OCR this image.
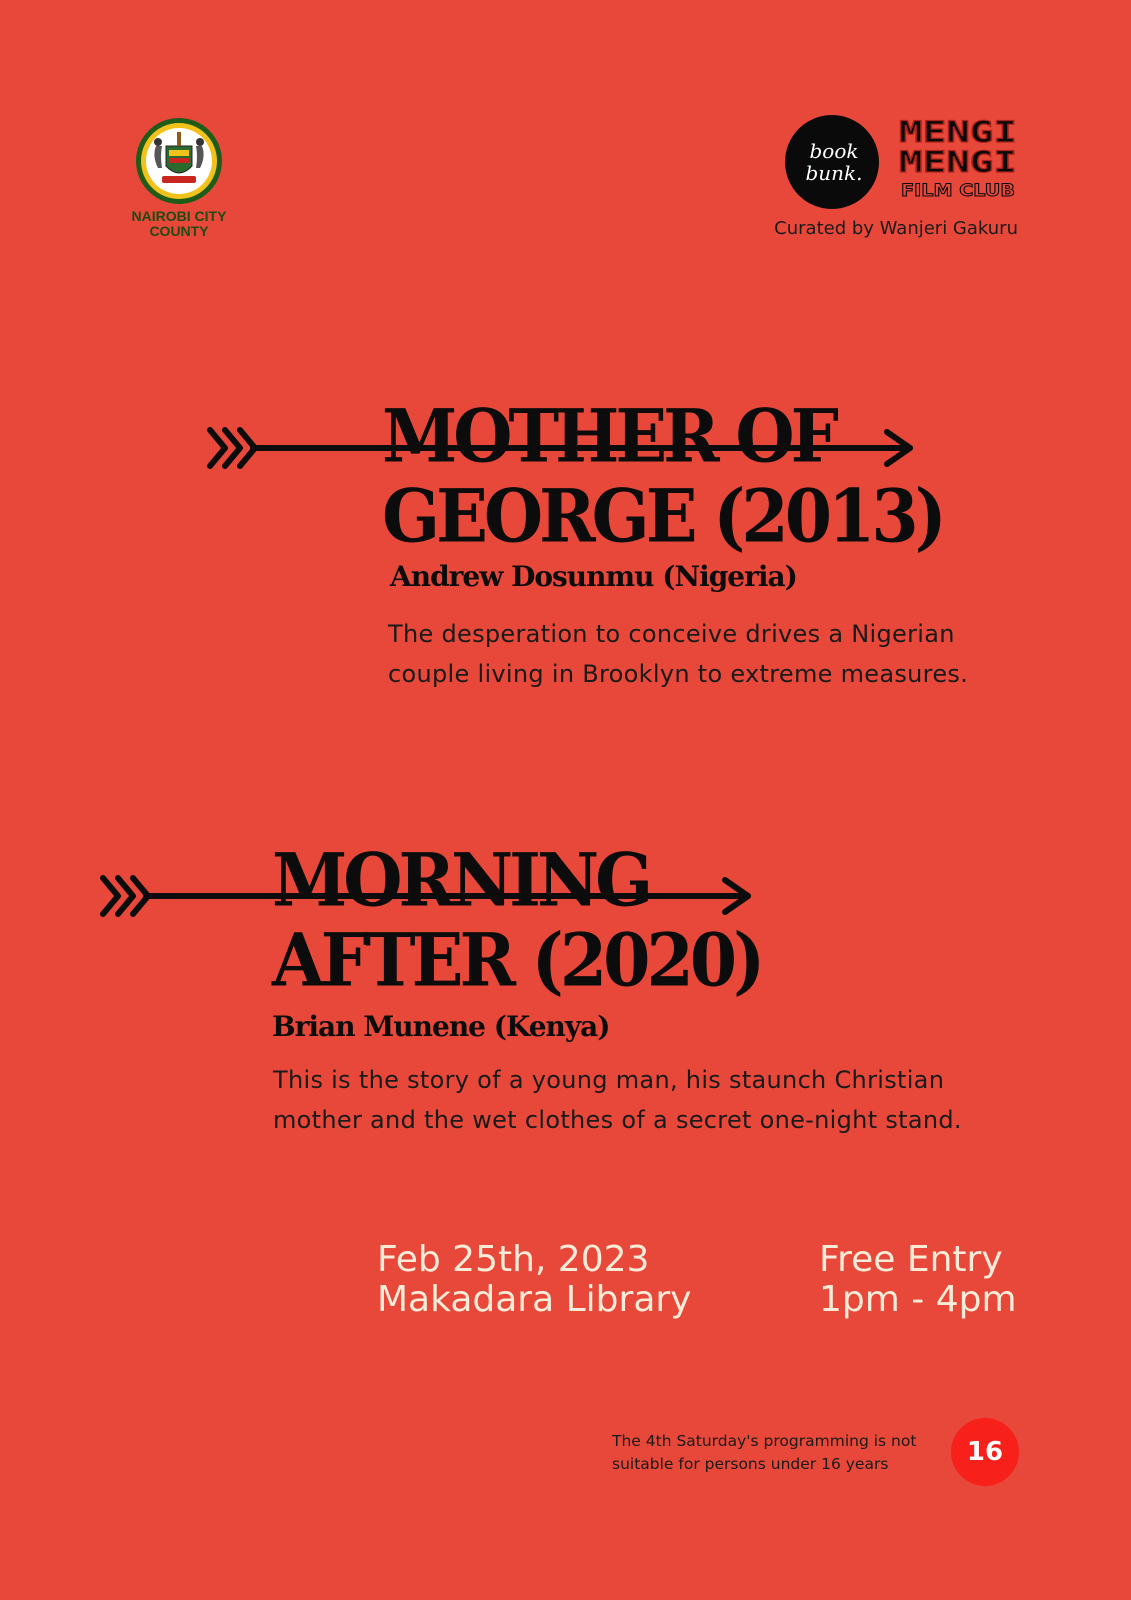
NAIROBI CITY
COUNTY
book
bunk.
MENGI
MENGI
FILM CLUB
Curated by Wanjeri Gakuru
MOTHER OF
GEORGE (2013)
Andrew Dosunmu (Nigeria)
The desperation to conceive drives a Nigerian
couple living in Brooklyn to extreme measures.
MORNING
AFTER (2020)
Brian Munene (Kenya)
This is the story of a young man, his staunch Christian
mother and the wet clothes of a secret one-night stand.
Feb 25th, 2023
Makadara Library
Free Entry
1pm - 4pm
The 4th Saturday's programming is not suitable for persons under 16 years	16
